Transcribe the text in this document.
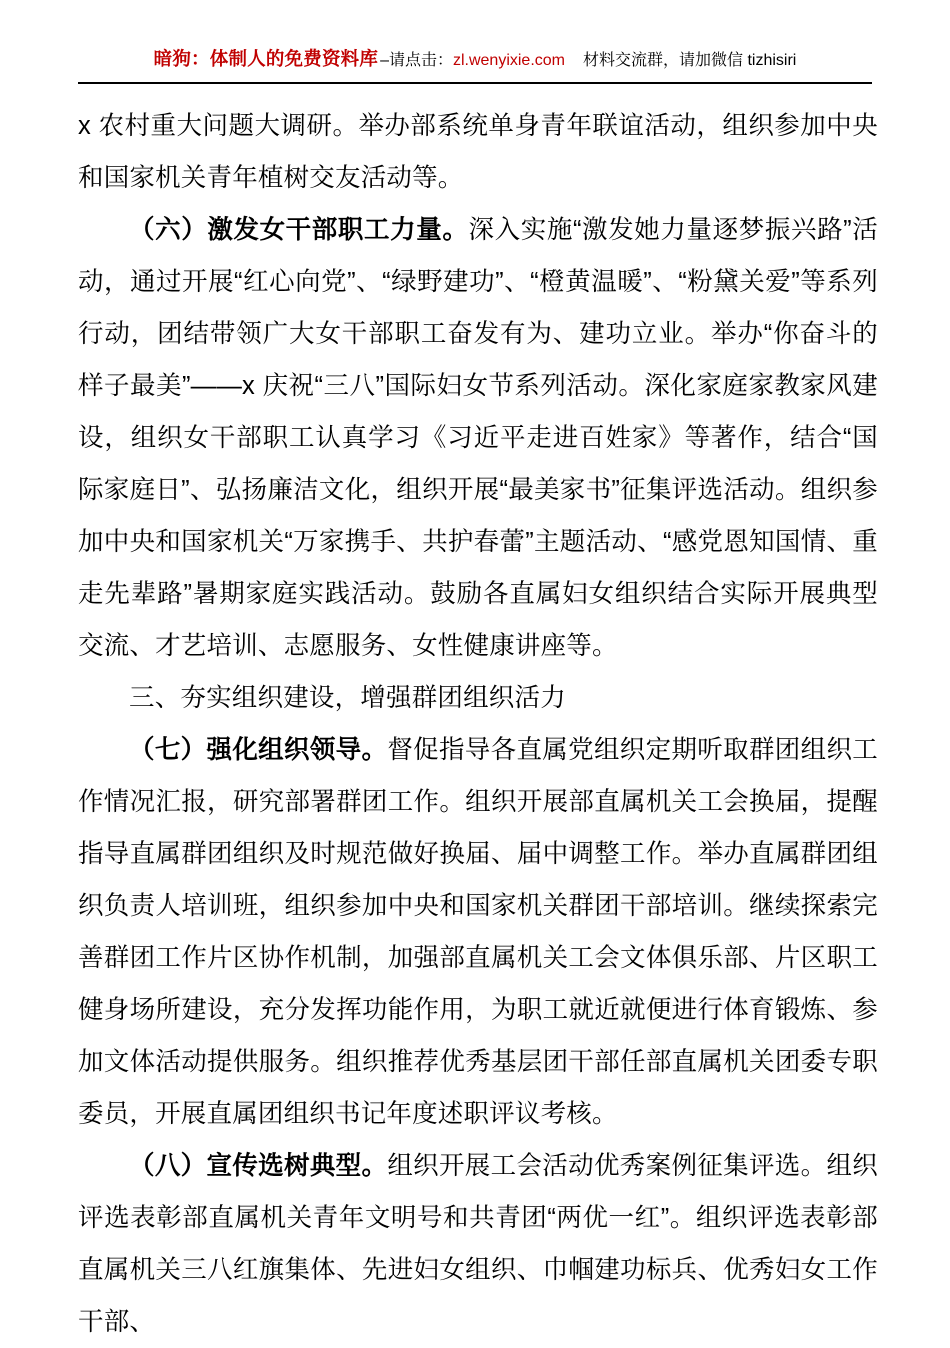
暗狗：体制人的免费资料库 –请点击： zl.wenyixie.com 材料交流群，请加微信 tizhisiri

x 农村重大问题大调研。举办部系统单身青年联谊活动，组织参加中央和国家机关青年植树交友活动等。

（六）激发女干部职工力量。深入实施“激发她力量逐梦振兴路”活动，通过开展“红心向党”、“绿野建功”、“橙黄温暖”、“粉黛关爱”等系列行动，团结带领广大女干部职工奋发有为、建功立业。举办“你奋斗的样子最美”——x 庆祝“三八”国际妇女节系列活动。深化家庭家教家风建设，组织女干部职工认真学习《习近平走进百姓家》等著作，结合“国际家庭日”、弘扬廉洁文化，组织开展“最美家书”征集评选活动。组织参加中央和国家机关“万家携手、共护春蕾”主题活动、“感党恩知国情、重走先辈路”暑期家庭实践活动。鼓励各直属妇女组织结合实际开展典型交流、才艺培训、志愿服务、女性健康讲座等。

三、夯实组织建设，增强群团组织活力

（七）强化组织领导。督促指导各直属党组织定期听取群团组织工作情况汇报，研究部署群团工作。组织开展部直属机关工会换届，提醒指导直属群团组织及时规范做好换届、届中调整工作。举办直属群团组织负责人培训班，组织参加中央和国家机关群团干部培训。继续探索完善群团工作片区协作机制，加强部直属机关工会文体俱乐部、片区职工健身场所建设，充分发挥功能作用，为职工就近就便进行体育锻炼、参加文体活动提供服务。组织推荐优秀基层团干部任部直属机关团委专职委员，开展直属团组织书记年度述职评议考核。

（八）宣传选树典型。组织开展工会活动优秀案例征集评选。组织评选表彰部直属机关青年文明号和共青团“两优一红”。组织评选表彰部直属机关三八红旗集体、先进妇女组织、巾帼建功标兵、优秀妇女工作干部、
